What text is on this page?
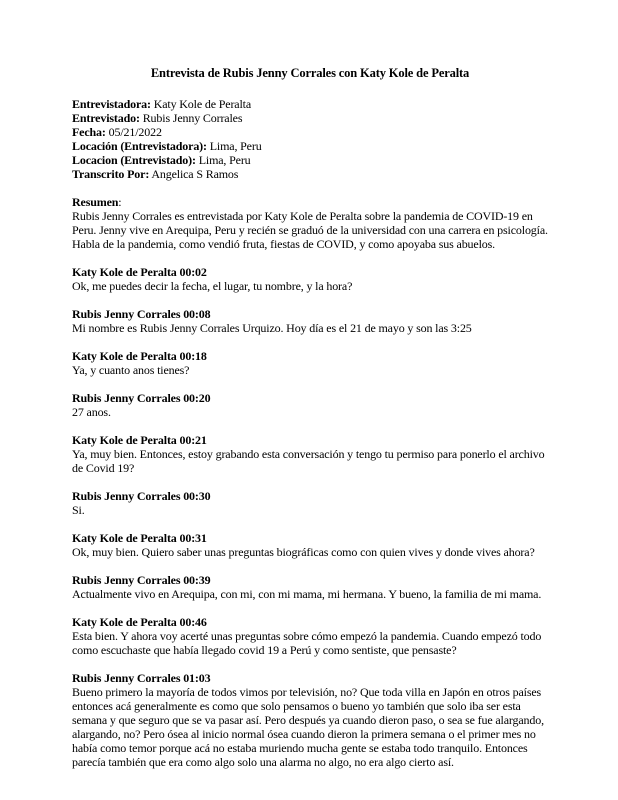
Entrevista de Rubis Jenny Corrales con Katy Kole de Peralta

Entrevistadora: Katy Kole de Peralta

Entrevistado: Rubis Jenny Corrales

Fecha: 05/21/2022

Locación (Entrevistadora): Lima, Peru

Locacion (Entrevistado): Lima, Peru

Transcrito Por: Angelica S Ramos

Resumen:

Rubis Jenny Corrales es entrevistada por Katy Kole de Peralta sobre la pandemia de COVID-19 en Peru. Jenny vive en Arequipa, Peru y recién se graduó de la universidad con una carrera en psicología. Habla de la pandemia, como vendió fruta, fiestas de COVID, y como apoyaba sus abuelos.

Katy Kole de Peralta 00:02

Ok, me puedes decir la fecha, el lugar, tu nombre, y la hora?

Rubis Jenny Corrales 00:08

Mi nombre es Rubis Jenny Corrales Urquizo. Hoy día es el 21 de mayo y son las 3:25

Katy Kole de Peralta 00:18

Ya, y cuanto anos tienes?

Rubis Jenny Corrales 00:20

27 anos.

Katy Kole de Peralta 00:21

Ya, muy bien. Entonces, estoy grabando esta conversación y tengo tu permiso para ponerlo el archivo de Covid 19?

Rubis Jenny Corrales 00:30

Si.

Katy Kole de Peralta 00:31

Ok, muy bien. Quiero saber unas preguntas biográficas como con quien vives y donde vives ahora?

Rubis Jenny Corrales 00:39

Actualmente vivo en Arequipa, con mi, con mi mama, mi hermana. Y bueno, la familia de mi mama.

Katy Kole de Peralta 00:46

Esta bien. Y ahora voy acerté unas preguntas sobre cómo empezó la pandemia. Cuando empezó todo como escuchaste que había llegado covid 19 a Perú y como sentiste, que pensaste?

Rubis Jenny Corrales 01:03

Bueno primero la mayoría de todos vimos por televisión, no? Que toda villa en Japón en otros países entonces acá generalmente es como que solo pensamos o bueno yo también que solo iba ser esta semana y que seguro que se va pasar así. Pero después ya cuando dieron paso, o sea se fue alargando, alargando, no? Pero ósea al inicio normal ósea cuando dieron la primera semana o el primer mes no había como temor porque acá no estaba muriendo mucha gente se estaba todo tranquilo. Entonces parecía también que era como algo solo una alarma no algo, no era algo cierto así.
